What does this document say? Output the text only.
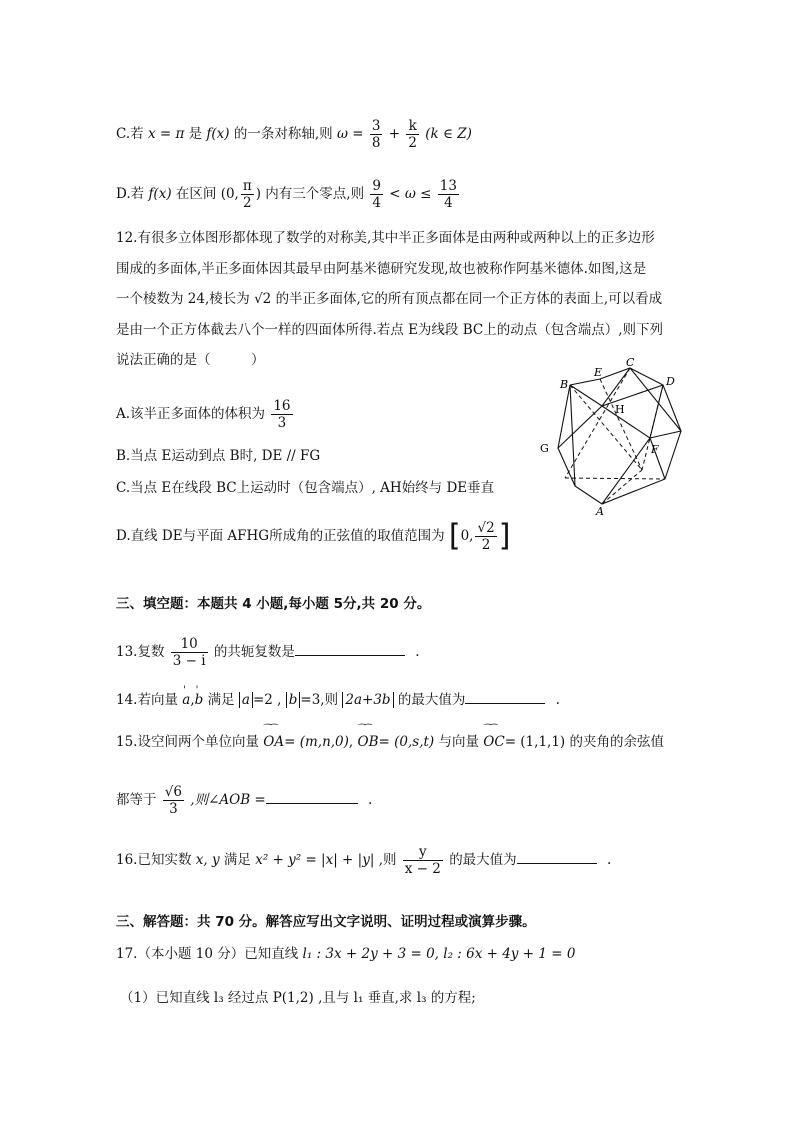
C.若 x = π 是 f(x) 的一条对称轴,则 $\omega = \frac{3}{8} + \frac{k}{2} (k$ ∈ Z)
D.若 f(x) 在区间 (0, $\frac{\pi}{2}$ ) 内有三个零点,则 $\frac{9}{4} < \omega \le \frac{13}{4}$
12.有很多立体图形都体现了数学的对称美,其中半正多面体是由两种或两种以上的正多边形
围成的多面体,半正多面体因其最早由阿基米德研究发现,故也被称作阿基米德体.如图,这是
一个棱数为 24,棱长为 √2 的半正多面体,它的所有顶点都在同一个正方体的表面上,可以看成
是由一个正方体截去八个一样的四面体所得.若点 E为线段 BC上的动点（包含端点）,则下列
说法正确的是（　　　）
A.该半正多面体的体积为 $\frac{16}{3}$
B.当点 E运动到点 B时, DE // FG
C.当点 E在线段 BC上运动时（包含端点）, AH始终与 DE垂直
D.直线 DE与平面 AFHG所成角的正弦值的取值范围为 [0, $\frac{√2}{2}$ ]
B
E
C
D
H
G	F
A
三、填空题：本题共 4 小题,每小题 5分,共 20 分。
13.复数 $\frac{10}{3 - i}$ 的共轭复数是	.
14.若向量 ' a,' b 满足 a =2 , b =3,则 2a+3b 的最大值为	.
15.设空间两个单位向量 ⁀⁀ OA= (m,n,0), ⁀⁀ OB= (0,s,t) 与向量 ⁀⁀ OC= (1,1,1) 的夹角的余弦值
都等于 $\frac{√6}{3}$ ,则∠AOB =	.
16.已知实数 x, y 满足 x² + y² = |x| + |y| ,则 $\frac{y}{x - 2}$ 的最大值为	.
三、解答题：共 70 分。解答应写出文字说明、证明过程或演算步骤。
17.（本小题 10 分）已知直线 l₁ : 3x + 2y + 3 = 0, l₂ : 6x + 4y + 1 = 0
（1）已知直线 l₃ 经过点 P(1,2) ,且与 l₁ 垂直,求 l₃ 的方程;
